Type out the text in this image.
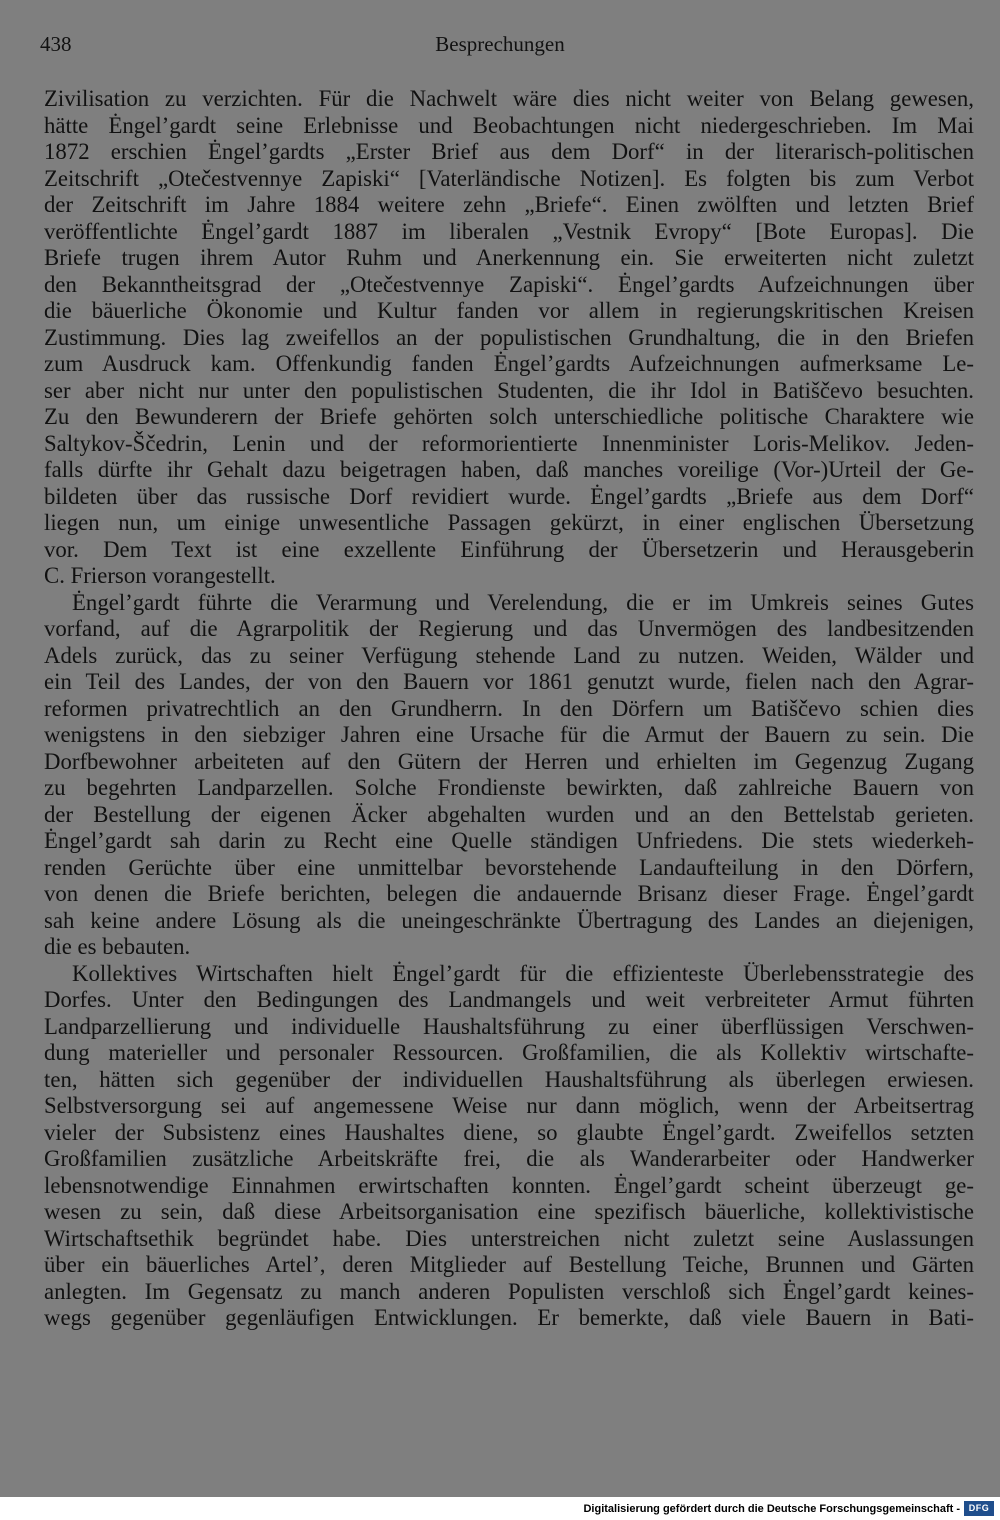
438	Besprechungen
Zivilisation zu verzichten. Für die Nachwelt wäre dies nicht weiter von Belang gewesen,
hätte Ėngel’gardt seine Erlebnisse und Beobachtungen nicht niedergeschrieben. Im Mai
1872 erschien Ėngel’gardts „Erster Brief aus dem Dorf“ in der literarisch-politischen
Zeitschrift „Otečestvennye Zapiski“ [Vaterländische Notizen]. Es folgten bis zum Verbot
der Zeitschrift im Jahre 1884 weitere zehn „Briefe“. Einen zwölften und letzten Brief
veröffentlichte Ėngel’gardt 1887 im liberalen „Vestnik Evropy“ [Bote Europas]. Die
Briefe trugen ihrem Autor Ruhm und Anerkennung ein. Sie erweiterten nicht zuletzt
den Bekanntheitsgrad der „Otečestvennye Zapiski“. Ėngel’gardts Aufzeichnungen über
die bäuerliche Ökonomie und Kultur fanden vor allem in regierungskritischen Kreisen
Zustimmung. Dies lag zweifellos an der populistischen Grundhaltung, die in den Briefen
zum Ausdruck kam. Offenkundig fanden Ėngel’gardts Aufzeichnungen aufmerksame Le-
ser aber nicht nur unter den populistischen Studenten, die ihr Idol in Batiščevo besuchten.
Zu den Bewunderern der Briefe gehörten solch unterschiedliche politische Charaktere wie
Saltykov-Ščedrin, Lenin und der reformorientierte Innenminister Loris-Melikov. Jeden-
falls dürfte ihr Gehalt dazu beigetragen haben, daß manches voreilige (Vor-)Urteil der Ge-
bildeten über das russische Dorf revidiert wurde. Ėngel’gardts „Briefe aus dem Dorf“
liegen nun, um einige unwesentliche Passagen gekürzt, in einer englischen Übersetzung
vor. Dem Text ist eine exzellente Einführung der Übersetzerin und Herausgeberin
C. Frierson vorangestellt.
Ėngel’gardt führte die Verarmung und Verelendung, die er im Umkreis seines Gutes
vorfand, auf die Agrarpolitik der Regierung und das Unvermögen des landbesitzenden
Adels zurück, das zu seiner Verfügung stehende Land zu nutzen. Weiden, Wälder und
ein Teil des Landes, der von den Bauern vor 1861 genutzt wurde, fielen nach den Agrar-
reformen privatrechtlich an den Grundherrn. In den Dörfern um Batiščevo schien dies
wenigstens in den siebziger Jahren eine Ursache für die Armut der Bauern zu sein. Die
Dorfbewohner arbeiteten auf den Gütern der Herren und erhielten im Gegenzug Zugang
zu begehrten Landparzellen. Solche Frondienste bewirkten, daß zahlreiche Bauern von
der Bestellung der eigenen Äcker abgehalten wurden und an den Bettelstab gerieten.
Ėngel’gardt sah darin zu Recht eine Quelle ständigen Unfriedens. Die stets wiederkeh-
renden Gerüchte über eine unmittelbar bevorstehende Landaufteilung in den Dörfern,
von denen die Briefe berichten, belegen die andauernde Brisanz dieser Frage. Ėngel’gardt
sah keine andere Lösung als die uneingeschränkte Übertragung des Landes an diejenigen,
die es bebauten.
Kollektives Wirtschaften hielt Ėngel’gardt für die effizienteste Überlebensstrategie des
Dorfes. Unter den Bedingungen des Landmangels und weit verbreiteter Armut führten
Landparzellierung und individuelle Haushaltsführung zu einer überflüssigen Verschwen-
dung materieller und personaler Ressourcen. Großfamilien, die als Kollektiv wirtschafte-
ten, hätten sich gegenüber der individuellen Haushaltsführung als überlegen erwiesen.
Selbstversorgung sei auf angemessene Weise nur dann möglich, wenn der Arbeitsertrag
vieler der Subsistenz eines Haushaltes diene, so glaubte Ėngel’gardt. Zweifellos setzten
Großfamilien zusätzliche Arbeitskräfte frei, die als Wanderarbeiter oder Handwerker
lebensnotwendige Einnahmen erwirtschaften konnten. Ėngel’gardt scheint überzeugt ge-
wesen zu sein, daß diese Arbeitsorganisation eine spezifisch bäuerliche, kollektivistische
Wirtschaftsethik begründet habe. Dies unterstreichen nicht zuletzt seine Auslassungen
über ein bäuerliches Artel’, deren Mitglieder auf Bestellung Teiche, Brunnen und Gärten
anlegten. Im Gegensatz zu manch anderen Populisten verschloß sich Ėngel’gardt keines-
wegs gegenüber gegenläufigen Entwicklungen. Er bemerkte, daß viele Bauern in Bati-
Digitalisierung gefördert durch die Deutsche Forschungsgemeinschaft - DFG
